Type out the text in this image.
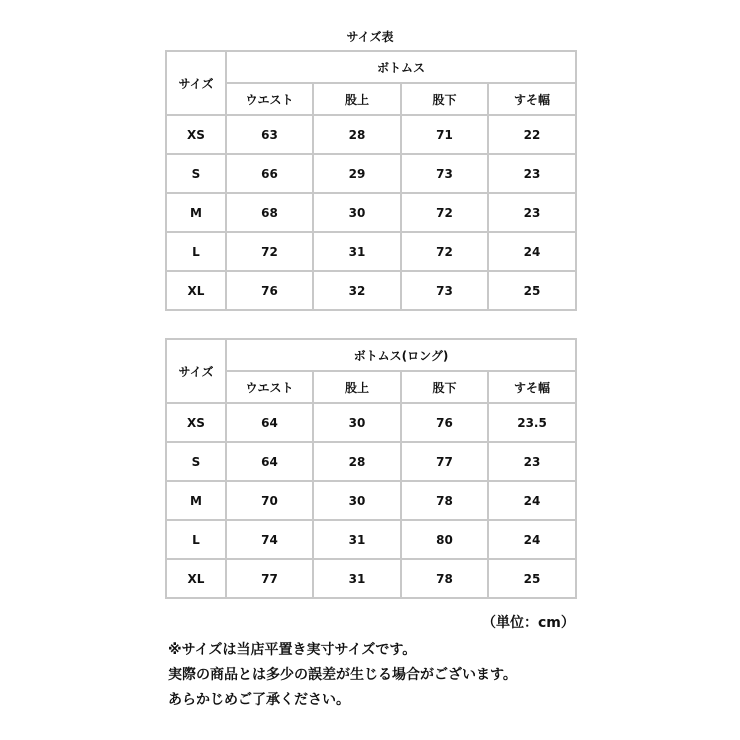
サイズ表
サイズ	ボトムス			
	ウエスト	股上	股下	すそ幅
XS	63	28	71	22
S	66	29	73	23
M	68	30	72	23
L	72	31	72	24
XL	76	32	73	25
サイズ	ボトムス(ロング)			
	ウエスト	股上	股下	すそ幅
XS	64	30	76	23.5
S	64	28	77	23
M	70	30	78	24
L	74	31	80	24
XL	77	31	78	25
（単位：cm）
※サイズは当店平置き実寸サイズです。
実際の商品とは多少の誤差が生じる場合がございます。
あらかじめご了承ください。
